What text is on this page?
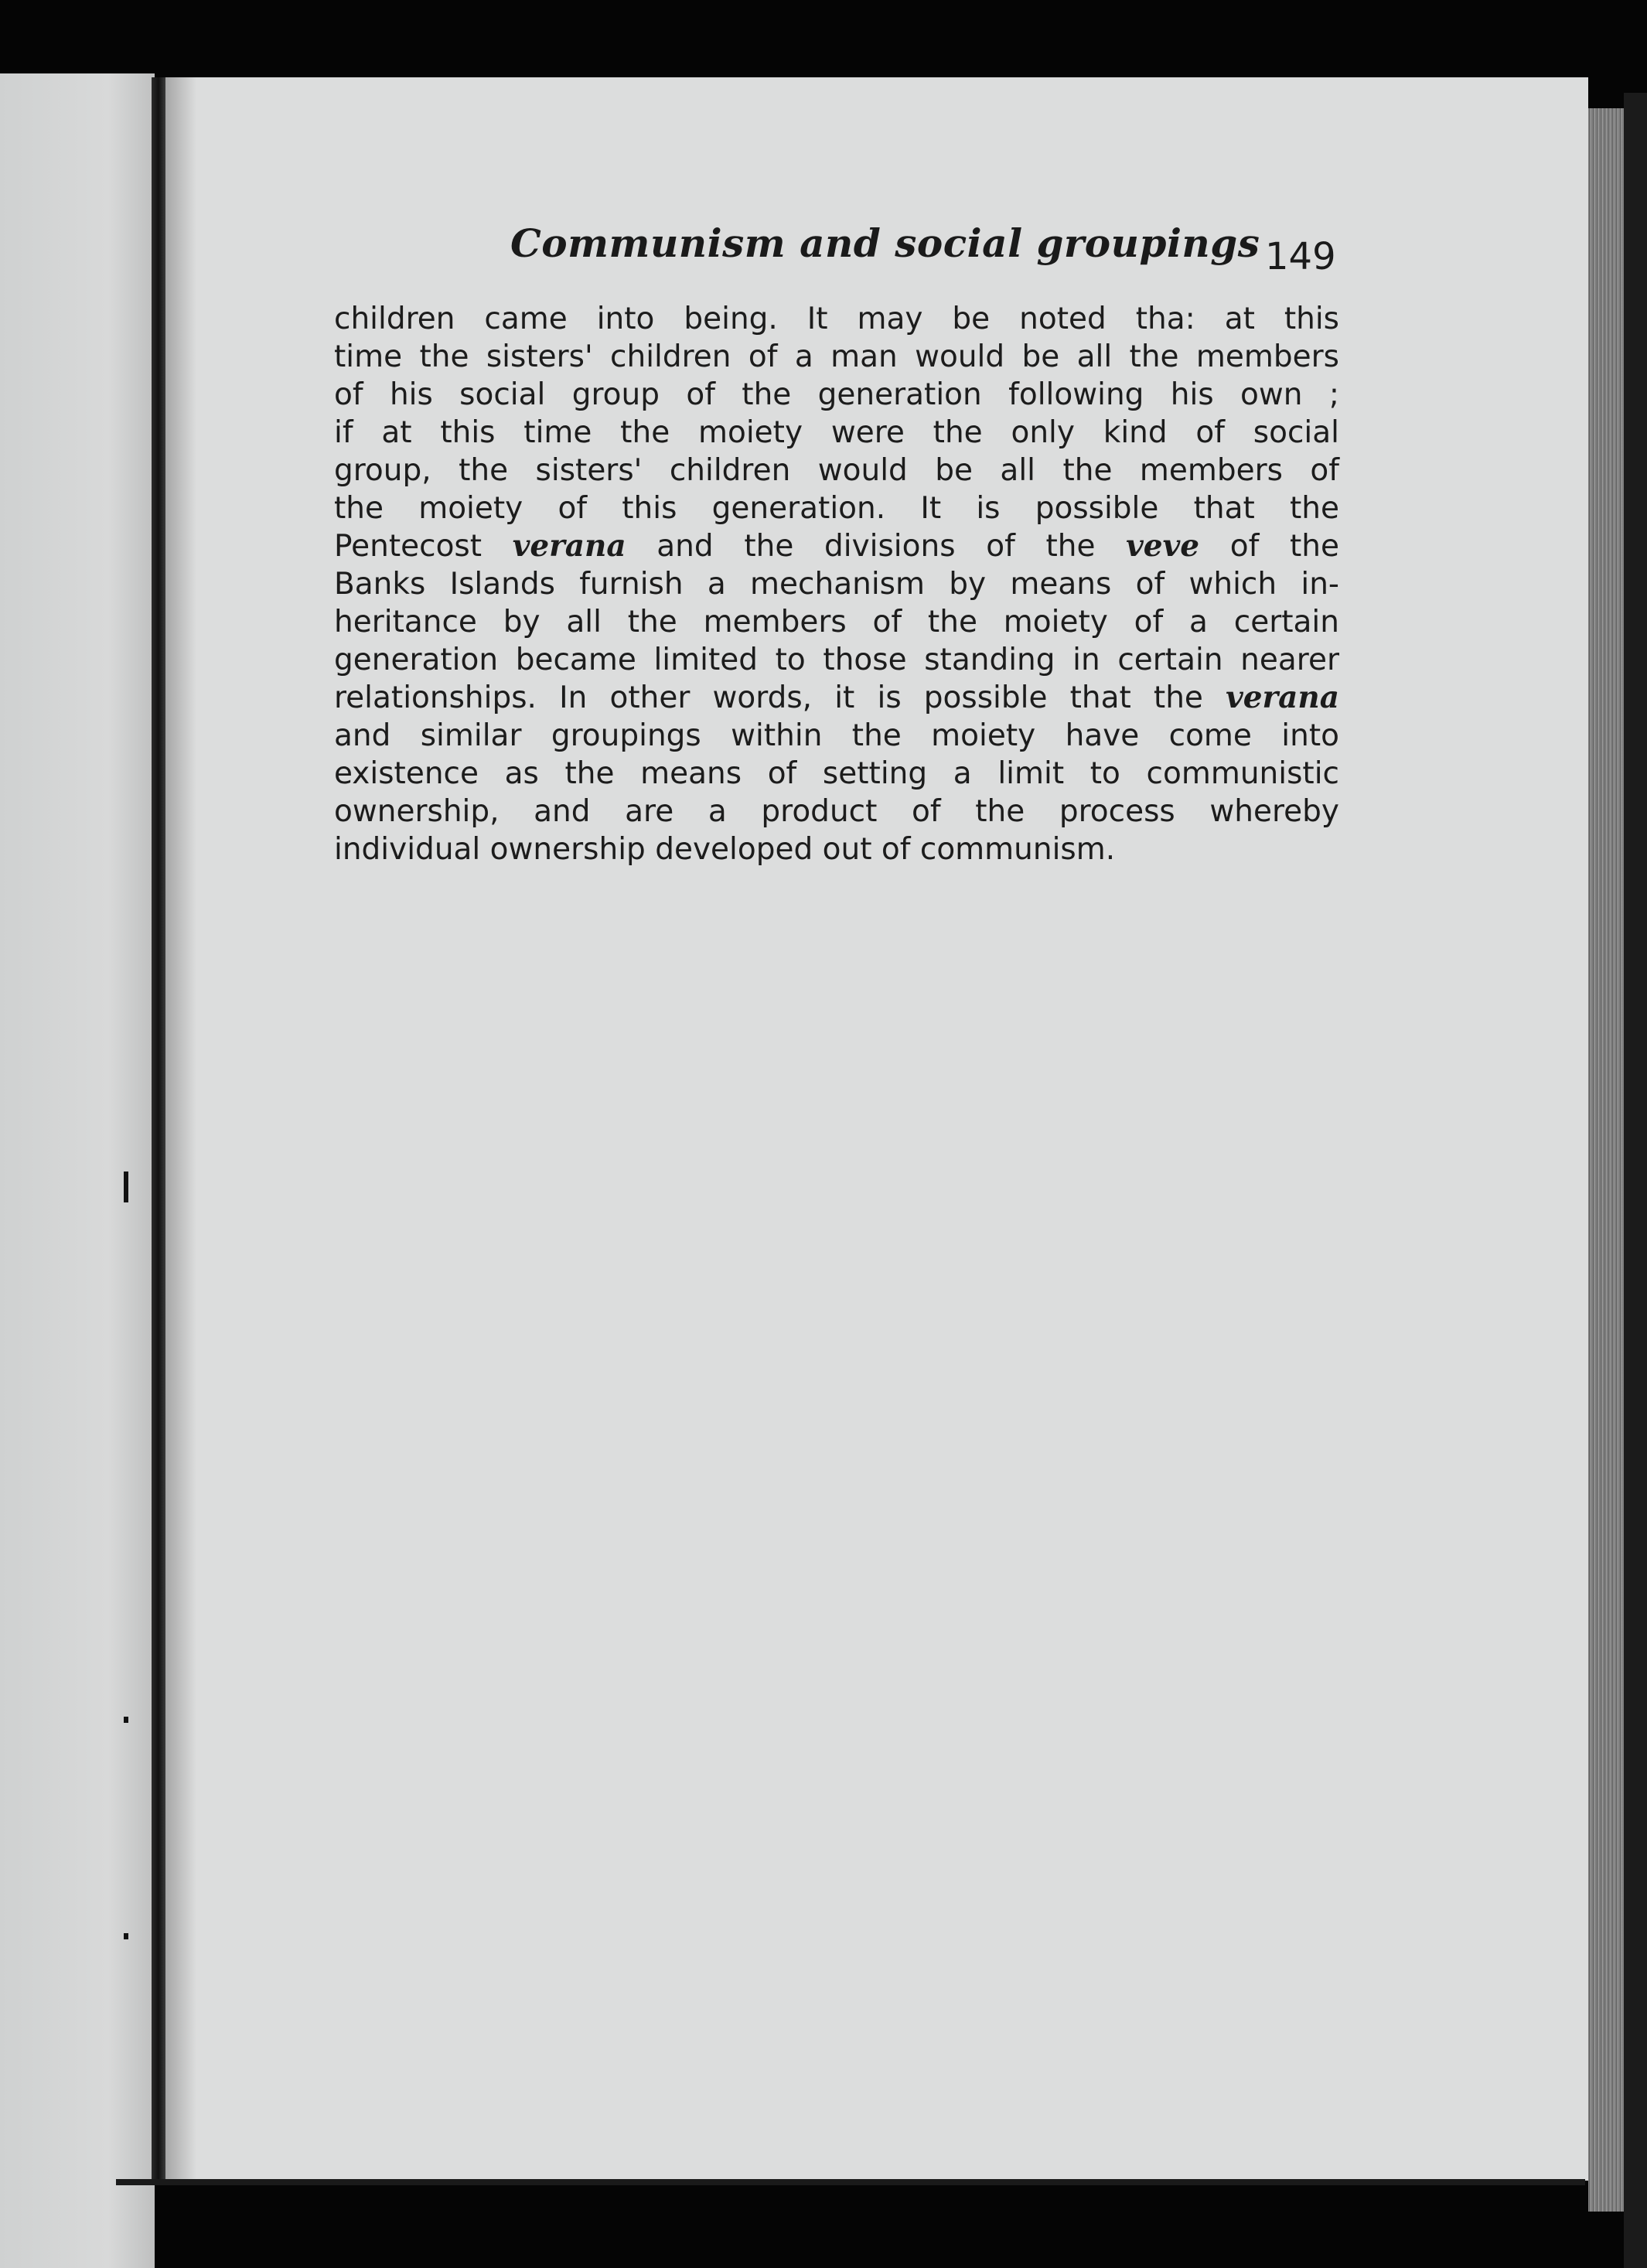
Communism and social groupings 149
children came into being. It may be noted tha: at this
time the sisters' children of a man would be all the members
of his social group of the generation following his own ;
if at this time the moiety were the only kind of social
group, the sisters' children would be all the members of
the moiety of this generation. It is possible that the
Pentecost verana and the divisions of the veve of the
Banks Islands furnish a mechanism by means of which in-
heritance by all the members of the moiety of a certain
generation became limited to those standing in certain nearer
relationships. In other words, it is possible that the verana
and similar groupings within the moiety have come into
existence as the means of setting a limit to communistic
ownership, and are a product of the process whereby
individual ownership developed out of communism.
